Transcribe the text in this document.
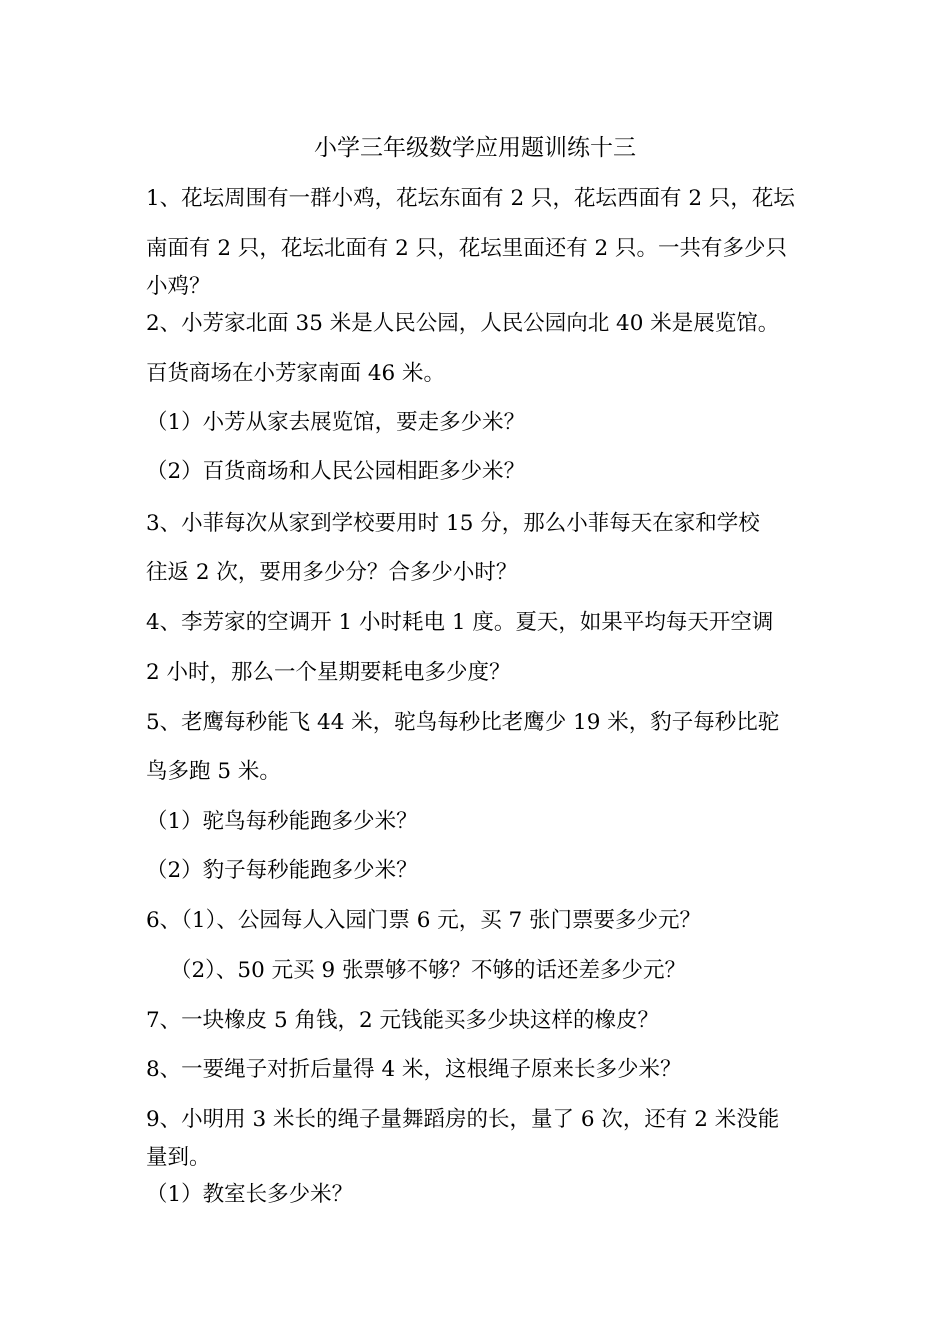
小学三年级数学应用题训练十三
1、花坛周围有一群小鸡，花坛东面有 2 只，花坛西面有 2 只，花坛
南面有 2 只，花坛北面有 2 只，花坛里面还有 2 只。一共有多少只
小鸡？
2、小芳家北面 35 米是人民公园，人民公园向北 40 米是展览馆。
百货商场在小芳家南面 46 米。
（1）小芳从家去展览馆，要走多少米？
（2）百货商场和人民公园相距多少米？
3、小菲每次从家到学校要用时 15 分，那么小菲每天在家和学校
往返 2 次，要用多少分？合多少小时？
4、李芳家的空调开 1 小时耗电 1 度。夏天，如果平均每天开空调
2 小时，那么一个星期要耗电多少度？
5、老鹰每秒能飞 44 米，驼鸟每秒比老鹰少 19 米，豹子每秒比驼
鸟多跑 5 米。
（1）驼鸟每秒能跑多少米？
（2）豹子每秒能跑多少米？
6、（1）、公园每人入园门票 6 元，买 7 张门票要多少元？
（2）、50 元买 9 张票够不够？不够的话还差多少元？
7、一块橡皮 5 角钱，2 元钱能买多少块这样的橡皮？
8、一要绳子对折后量得 4 米，这根绳子原来长多少米？
9、小明用 3 米长的绳子量舞蹈房的长，量了 6 次，还有 2 米没能
量到。
（1）教室长多少米？
